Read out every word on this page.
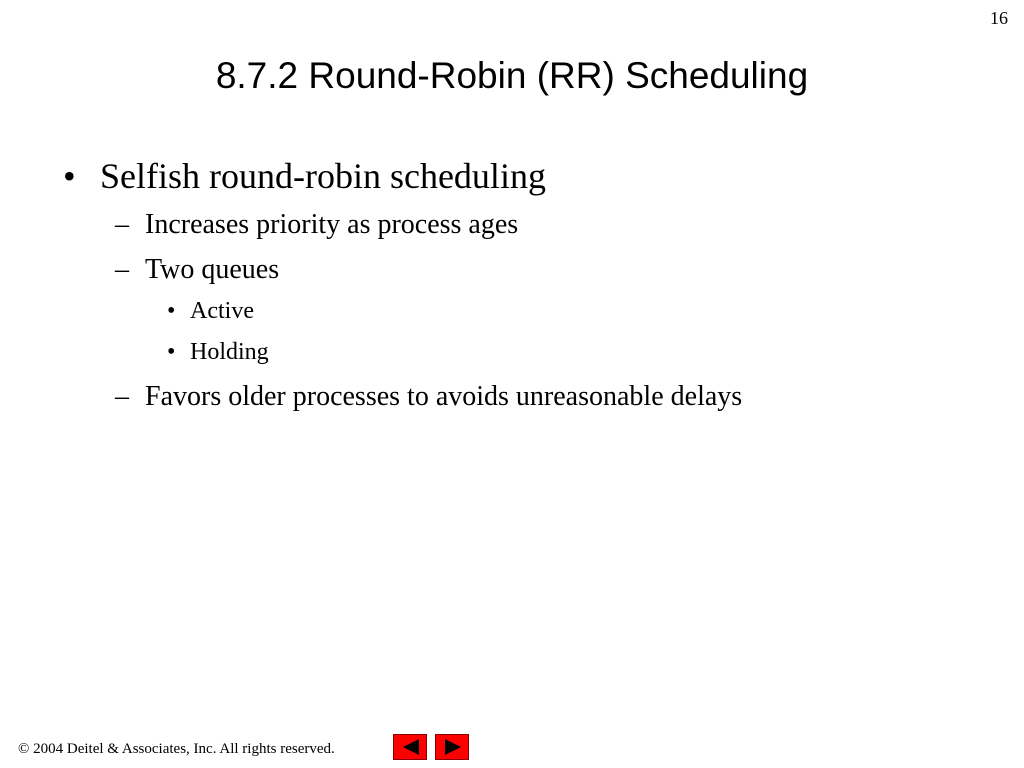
16
8.7.2 Round-Robin (RR) Scheduling
• Selfish round-robin scheduling
– Increases priority as process ages
– Two queues
• Active
• Holding
– Favors older processes to avoids unreasonable delays
© 2004 Deitel & Associates, Inc. All rights reserved.
